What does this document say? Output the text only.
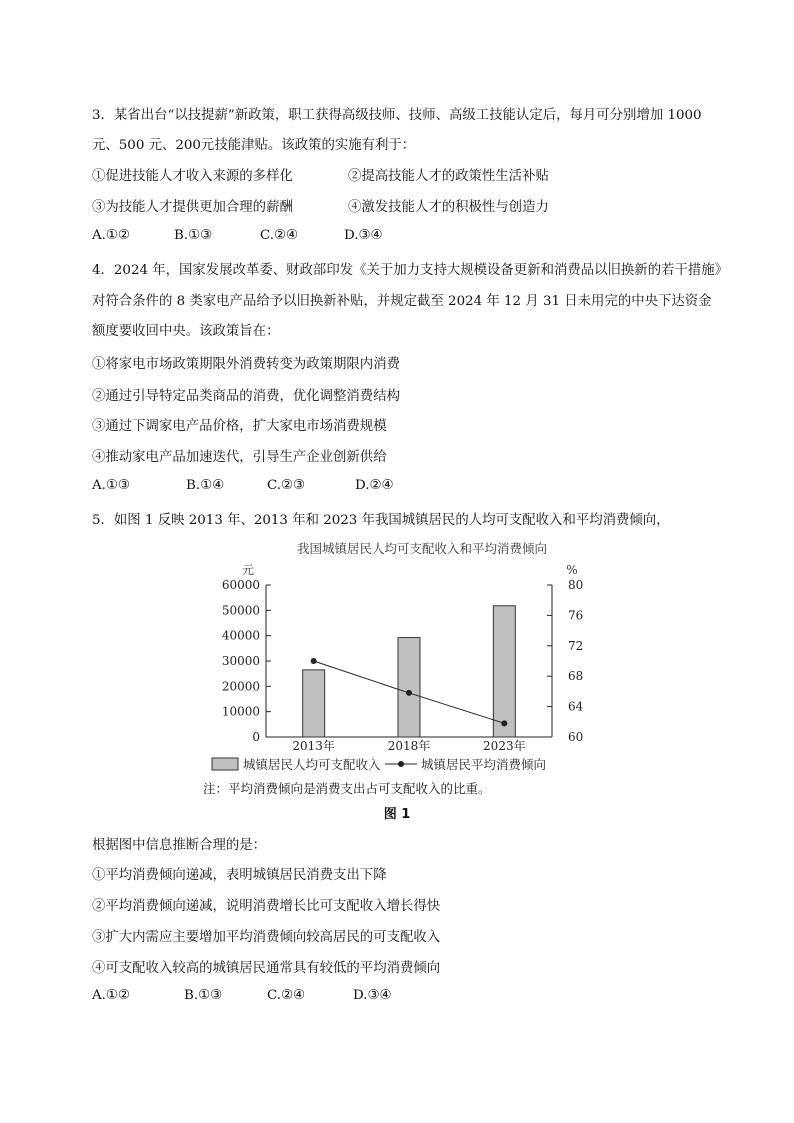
3．某省出台“以技提薪”新政策，职工获得高级技师、技师、高级工技能认定后，每月可分别增加 1000
元、500 元、200元技能津贴。该政策的实施有利于：
①促进技能人才收入来源的多样化	②提高技能人才的政策性生活补贴
③为技能人才提供更加合理的薪酬	④激发技能人才的积极性与创造力
A.①②	B.①③	C.②④	D.③④
4．2024 年，国家发展改革委、财政部印发《关于加力支持大规模设备更新和消费品以旧换新的若干措施》
对符合条件的 8 类家电产品给予以旧换新补贴，并规定截至 2024 年 12 月 31 日未用完的中央下达资金
额度要收回中央。该政策旨在：
①将家电市场政策期限外消费转变为政策期限内消费
②通过引导特定品类商品的消费，优化调整消费结构
③通过下调家电产品价格，扩大家电市场消费规模
④推动家电产品加速迭代，引导生产企业创新供给
A.①③	B.①④	C.②③	D.②④
5．如图 1 反映 2013 年、2013 年和 2023 年我国城镇居民的人均可支配收入和平均消费倾向，
我国城镇居民人均可支配收入和平均消费倾向
元	%
60000
50000
40000
30000
20000
10000
0
80
76
72
68
64
60
2013年	2018年	2023年
城镇居民人均可支配收入	城镇居民平均消费倾向
注：平均消费倾向是消费支出占可支配收入的比重。
图 1
根据图中信息推断合理的是：
①平均消费倾向递减，表明城镇居民消费支出下降
②平均消费倾向递减，说明消费增长比可支配收入增长得快
③扩大内需应主要增加平均消费倾向较高居民的可支配收入
④可支配收入较高的城镇居民通常具有较低的平均消费倾向
A.①②	B.①③	C.②④	D.③④
